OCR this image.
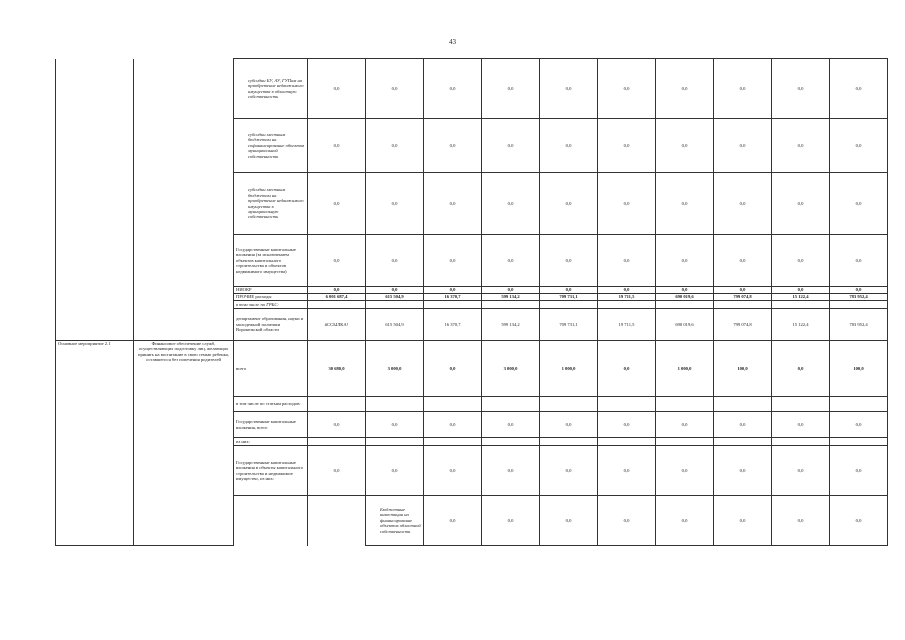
43
		субсидии БУ, АУ, ГУПам на приобретение недвижимого имущества в областную собственность	0,0	0,0	0,0	0,0	0,0	0,0	0,0	0,0	0,0	0,0	
		субсидии местным бюджетам на софинансирование объектов муниципальной собственности	0,0	0,0	0,0	0,0	0,0	0,0	0,0	0,0	0,0	0,0	
		субсидии местным бюджетам на приобретение недвижимого имущества в муниципальную собственность	0,0	0,0	0,0	0,0	0,0	0,0	0,0	0,0	0,0	0,0	
		Государственные капитальные вложения (за исключением объектов капитального строительства и объектов недвижимого имущества)	0,0	0,0	0,0	0,0	0,0	0,0	0,0	0,0	0,0	0,0	
		НИОКР	0,0	0,0	0,0	0,0	0,0	0,0	0,0	0,0	0,0	0,0	
		ПРОЧИЕ расходы	6 001 687,4	615 504,9	16 370,7	599 134,2	709 731,1	19 711,5	690 019,6	799 074,8	15 122,4	783 952,4	
		в том числе по ГРБС:											
		департамент образования, науки и молодежной политики Воронежской области	#ССЫЛКА!	615 504,9	16 370,7	599 134,2	709 731,1	19 711,5	690 019,6	799 074,8	15 122,4	783 952,4	
Основное мероприятие 2.1	Финансовое обеспечение служб, осуществляющих подготовку лиц, желающих принять на воспитание в свою семью ребенка, оставшегося без попечения родителей	всего	30 680,0	3 000,0	0,0	3 000,0	1 000,0	0,0	1 000,0	100,0	0,0	100,0	
		в том числе по статьям расходов:											
		Государственные капитальные вложения, всего	0,0	0,0	0,0	0,0	0,0	0,0	0,0	0,0	0,0	0,0	
		из них:											
		Государственные капитальные вложения в объекты капитального строительства и недвижимое имущество, из них:	0,0	0,0	0,0	0,0	0,0	0,0	0,0	0,0	0,0	0,0	
				Бюджетные инвестиции на финансирование объектов областной собственности	0,0	0,0	0,0	0,0	0,0	0,0	0,0	0,0		
